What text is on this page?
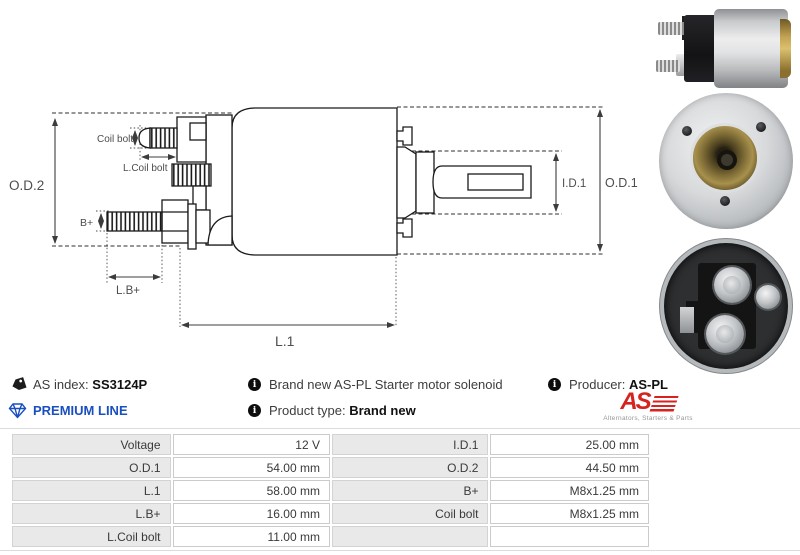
O.D.2
Coil bolt
L.Coil bolt
B+
L.B+
L.1
I.D.1 O.D.1
AS index:
SS3124P	i Brand new AS-PL Starter motor solenoid	i Producer:
AS-PL
PREMIUM LINE	i Product type:
Brand new	AS
Alternators, Starters & Parts
Voltage	12 V	I.D.1	25.00 mm
O.D.1	54.00 mm	O.D.2	44.50 mm
L.1	58.00 mm	B+	M8x1.25 mm
L.B+	16.00 mm	Coil bolt	M8x1.25 mm
L.Coil bolt	11.00 mm		
